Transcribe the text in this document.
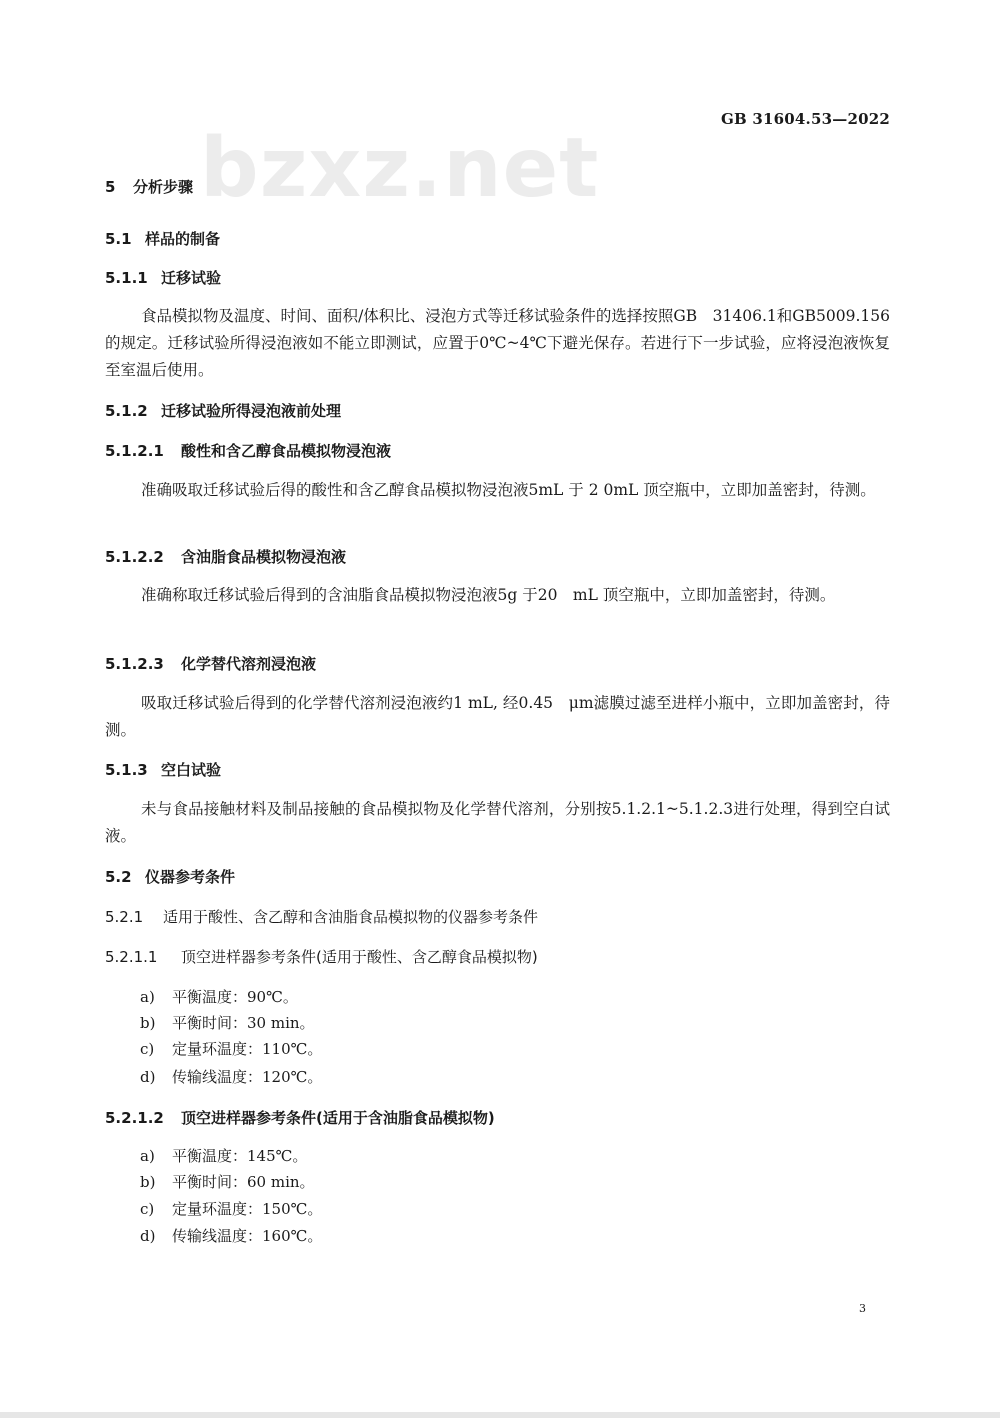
bzxz.net
GB 31604.53—2022
5 分析步骤
5.1 样品的制备
5.1.1 迁移试验
食品模拟物及温度、时间、面积/体积比、浸泡方式等迁移试验条件的选择按照GB　31406.1和GB5009.156 的规定。迁移试验所得浸泡液如不能立即测试，应置于0℃~4℃下避光保存。若进行下一步试验，应将浸泡液恢复至室温后使用。
5.1.2 迁移试验所得浸泡液前处理
5.1.2.1 酸性和含乙醇食品模拟物浸泡液
准确吸取迁移试验后得的酸性和含乙醇食品模拟物浸泡液5mL 于 2 0mL 顶空瓶中，立即加盖密封，待测。
5.1.2.2 含油脂食品模拟物浸泡液
准确称取迁移试验后得到的含油脂食品模拟物浸泡液5g 于20　mL 顶空瓶中，立即加盖密封，待测。
5.1.2.3 化学替代溶剂浸泡液
吸取迁移试验后得到的化学替代溶剂浸泡液约1 mL, 经0.45　μm滤膜过滤至进样小瓶中，立即加盖密封，待测。
5.1.3 空白试验
未与食品接触材料及制品接触的食品模拟物及化学替代溶剂，分别按5.1.2.1~5.1.2.3进行处理，得到空白试液。
5.2 仪器参考条件
5.2.1 适用于酸性、含乙醇和含油脂食品模拟物的仪器参考条件
5.2.1.1 顶空进样器参考条件(适用于酸性、含乙醇食品模拟物)
a) 平衡温度：90℃。
b) 平衡时间：30 min。
c) 定量环温度：110℃。
d) 传输线温度：120℃。
5.2.1.2 顶空进样器参考条件(适用于含油脂食品模拟物)
a) 平衡温度：145℃。
b) 平衡时间：60 min。
c) 定量环温度：150℃。
d) 传输线温度：160℃。
3
